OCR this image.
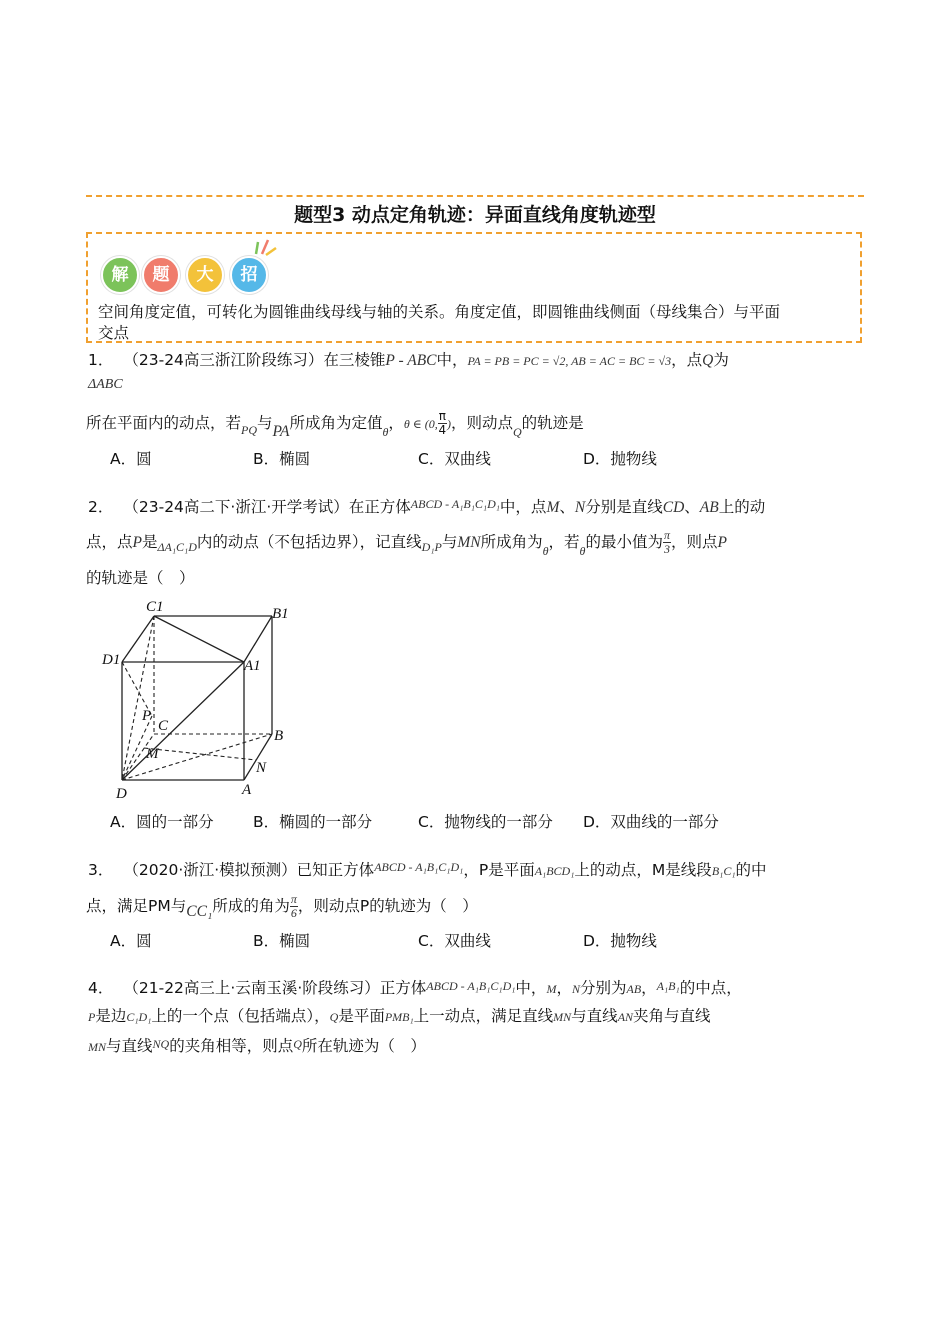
题型3 动点定角轨迹：异面直线角度轨迹型
解	题	大	招
空间角度定值，可转化为圆锥曲线母线与轴的关系。角度定值，即圆锥曲线侧面（母线集合）与平面
交点
1． （23-24高三浙江阶段练习）在三棱锥P - ABC中，PA = PB = PC = √2, AB = AC = BC = √3，点Q为
ΔABC
所在平面内的动点，若$_{PQ}$与PA所成角为定值$_\theta$，θ ∈ (0, $\frac{\pi}{4}$ )，则动点$_Q$的轨迹是
A．圆	B．椭圆	C．双曲线	D．抛物线
2． （23-24高二下·浙江·开学考试）在正方体$^{ABCD - A_1B_1C_1D_1}$中，点M、N分别是直线CD、AB上的动
点，点P是$_{\Delta A_1C_1D}$内的动点（不包括边界），记直线$_{D_1P}$与MN所成角为$_\theta$，若$_\theta$的最小值为 $\frac{\pi}{3}$ ，则点P
的轨迹是（　）
C1	B1
D1	A1
P
C
B
M
N
D	A
A．圆的一部分	B．椭圆的一部分	C．抛物线的一部分 D．双曲线的一部分
3． （2020·浙江·模拟预测）已知正方体$^{ABCD - A_1B_1C_1D_1}$，P是平面A₁BCD₁上的动点，M是线段B₁C₁的中
点，满足PM与CC₁所成的角为 $\frac{\pi}{6}$ ，则动点P的轨迹为（　）
A．圆	B．椭圆	C．双曲线	D．抛物线
4． （21-22高三上·云南玉溪·阶段练习）正方体ABCD - A₁B₁C₁D₁中，M，N分别为AB，A₁B₁的中点，
P是边C₁D₁上的一个点（包括端点），Q是平面PMB₁上一动点，满足直线MN与直线AN夹角与直线
MN与直线NQ的夹角相等，则点Q所在轨迹为（　）
